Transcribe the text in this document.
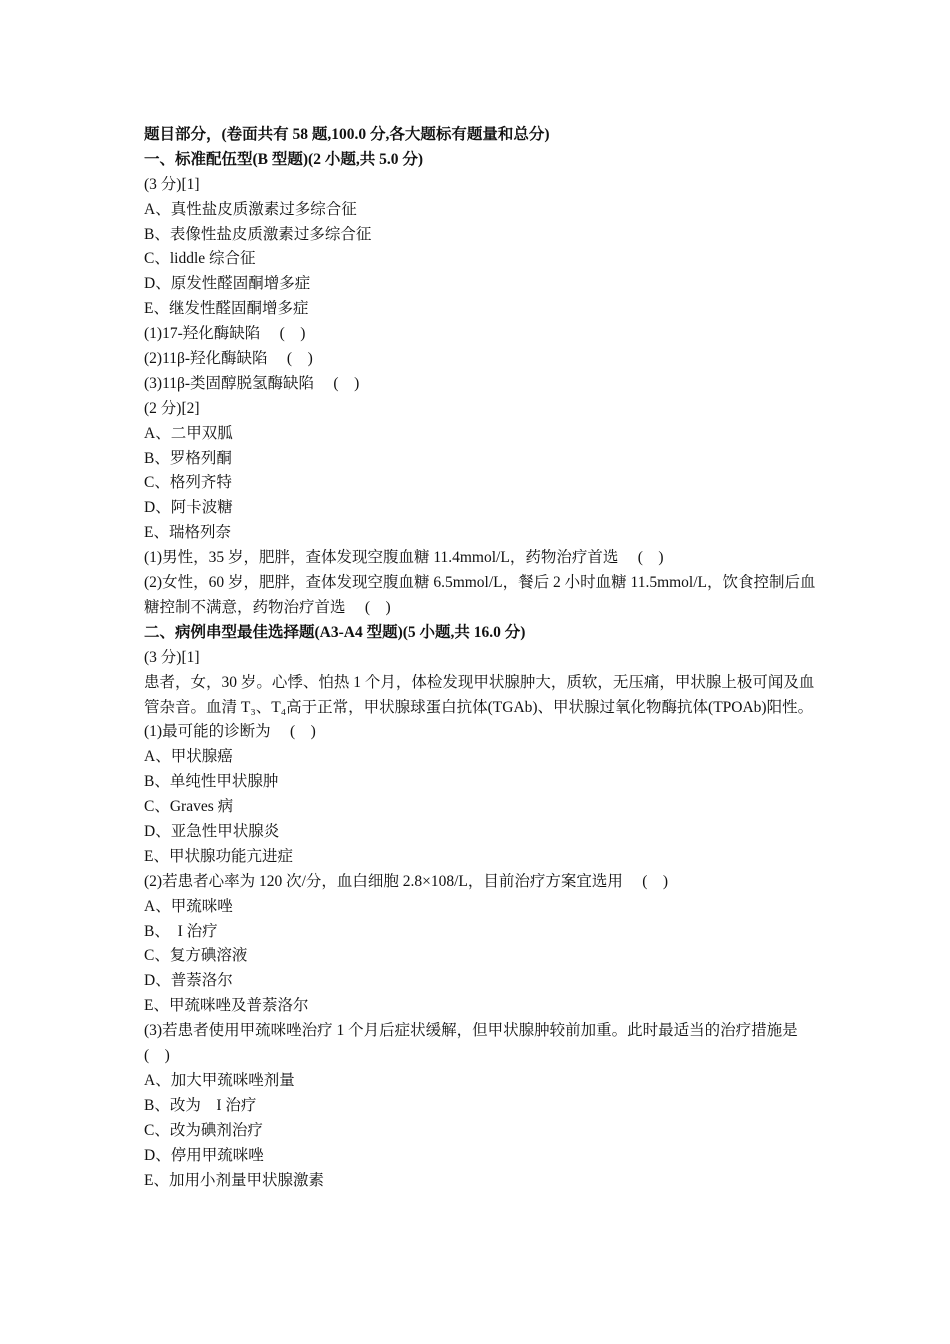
题目部分，(卷面共有 58 题,100.0 分,各大题标有题量和总分)
一、标准配伍型(B 型题)(2 小题,共 5.0 分)
(3 分)[1]
A、真性盐皮质激素过多综合征
B、表像性盐皮质激素过多综合征
C、liddle 综合征
D、原发性醛固酮增多症
E、继发性醛固酮增多症
(1)17-羟化酶缺陷　 (　)
(2)11β-羟化酶缺陷　 (　)
(3)11β-类固醇脱氢酶缺陷　 (　)
(2 分)[2]
A、二甲双胍
B、罗格列酮
C、格列齐特
D、阿卡波糖
E、瑞格列奈
(1)男性，35 岁，肥胖，查体发现空腹血糖 11.4mmol/L，药物治疗首选　 (　)
(2)女性，60 岁，肥胖，查体发现空腹血糖 6.5mmol/L，餐后 2 小时血糖 11.5mmol/L，饮食控制后血糖控制不满意，药物治疗首选　 (　)
二、病例串型最佳选择题(A3-A4 型题)(5 小题,共 16.0 分)
(3 分)[1]
患者，女，30 岁。心悸、怕热 1 个月，体检发现甲状腺肿大，质软，无压痛，甲状腺上极可闻及血管杂音。血清 T₃、T₄高于正常，甲状腺球蛋白抗体(TGAb)、甲状腺过氧化物酶抗体(TPOAb)阳性。
(1)最可能的诊断为　 (　)
A、甲状腺癌
B、单纯性甲状腺肿
C、Graves 病
D、亚急性甲状腺炎
E、甲状腺功能亢进症
(2)若患者心率为 120 次/分，血白细胞 2.8×108/L，目前治疗方案宜选用　 (　)
A、甲巯咪唑
B、　I 治疗
C、复方碘溶液
D、普萘洛尔
E、甲巯咪唑及普萘洛尔
(3)若患者使用甲巯咪唑治疗 1 个月后症状缓解，但甲状腺肿较前加重。此时最适当的治疗措施是　 (　)
A、加大甲巯咪唑剂量
B、改为　I 治疗
C、改为碘剂治疗
D、停用甲巯咪唑
E、加用小剂量甲状腺激素
